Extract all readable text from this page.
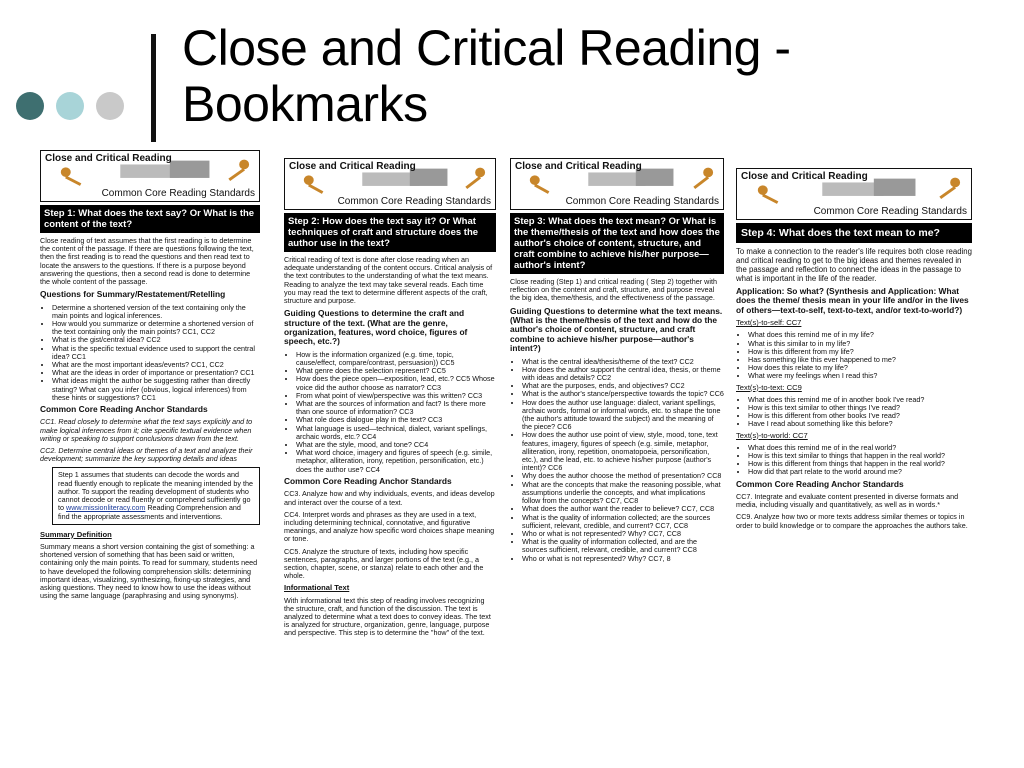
Close and Critical Reading - Bookmarks
Close and Critical Reading
Common Core Reading Standards
Step 1: What does the text say? Or What is the content of the text?

Close reading of text assumes that the first reading is to determine the content of the passage. If there are questions following the text, then the first reading is to read the questions and then read text to locate the answers to the questions. If there is a purpose beyond answering the questions, then a second read is done to determine the whole content of the passage.

Questions for Summary/Restatement/Retelling

• Determine a shortened version of the text containing only the main points and logical inferences.
• How would you summarize or determine a shortened version of the text containing only the main points? CC1, CC2
• What is the gist/central idea? CC2
• What is the specific textual evidence used to support the central idea? CC1
• What are the most important ideas/events? CC1, CC2
• What are the ideas in order of importance or presentation? CC1
• What ideas might the author be suggesting rather than directly stating? What can you infer (obvious, logical inferences) from these hints or suggestions? CC1

Common Core Reading Anchor Standards

CC1. Read closely to determine what the text says explicitly and to make logical inferences from it; cite specific textual evidence when writing or speaking to support conclusions drawn from the text.

CC2. Determine central ideas or themes of a text and analyze their development; summarize the key supporting details and ideas

Step 1 assumes that students can decode the words and read fluently enough to replicate the meaning intended by the author. To support the reading development of students who cannot decode or read fluently or comprehend sufficiently go to www.missionliteracy.com Reading Comprehension and find the appropriate assessments and interventions.

Summary Definition

Summary means a short version containing the gist of something: a shortened version of something that has been said or written, containing only the main points. To read for summary, students need to have developed the following comprehension skills: determining important ideas, visualizing, synthesizing, fixing-up strategies, and asking questions. They need to know how to use the ideas without using the same language (paraphrasing and using synonyms).

Close and Critical Reading
Common Core Reading Standards
Step 2: How does the text say it? Or What techniques of craft and structure does the author use in the text?

Critical reading of text is done after close reading when an adequate understanding of the content occurs. Critical analysis of the text contributes to the understanding of what the text means. Reading to analyze the text may take several reads. Each time you may read the text to determine different aspects of the craft, structure and purpose.

Guiding Questions to determine the craft and structure of the text. (What are the genre, organization, features, word choice, figures of speech, etc.?)

• How is the information organized (e.g. time, topic, cause/effect, compare/contrast, persuasion)) CC5
• What genre does the selection represent? CC5
• How does the piece open—exposition, lead, etc.? CC5 Whose voice did the author choose as narrator? CC3
• From what point of view/perspective was this written? CC3
• What are the sources of information and fact? Is there more than one source of information? CC3
• What role does dialogue play in the text? CC3
• What language is used—technical, dialect, variant spellings, archaic words, etc.? CC4
• What are the style, mood, and tone? CC4
• What word choice, imagery and figures of speech (e.g. simile, metaphor, alliteration, irony, repetition, personification, etc.) does the author use? CC4

Common Core Reading Anchor Standards

CC3. Analyze how and why individuals, events, and ideas develop and interact over the course of a text.

CC4. Interpret words and phrases as they are used in a text, including determining technical, connotative, and figurative meanings, and analyze how specific word choices shape meaning or tone.

CC5. Analyze the structure of texts, including how specific sentences, paragraphs, and larger portions of the text (e.g., a section, chapter, scene, or stanza) relate to each other and the whole.

Informational Text

With informational text this step of reading involves recognizing the structure, craft, and function of the discussion. The text is analyzed to determine what a text does to convey ideas. The text is analyzed for structure, organization, genre, language, purpose and perspective. This step is to determine the "how" of the text.

Close and Critical Reading
Common Core Reading Standards
Step 3: What does the text mean? Or What is the theme/thesis of the text and how does the author's choice of content, structure, and craft combine to achieve his/her purpose—author's intent?

Close reading (Step 1) and critical reading ( Step 2) together with reflection on the content and craft, structure, and purpose reveal the big idea, theme/thesis, and the effectiveness of the passage.

Guiding Questions to determine what the text means. (What is the theme/thesis of the text and how do the author's choice of content, structure, and craft combine to achieve his/her purpose—author's intent?)

• What is the central idea/thesis/theme of the text? CC2
• How does the author support the central idea, thesis, or theme with ideas and details? CC2
• What are the purposes, ends, and objectives? CC2
• What is the author's stance/perspective towards the topic? CC6
• How does the author use language: dialect, variant spellings, archaic words, formal or informal words, etc. to shape the tone (the author's attitude toward the subject) and the meaning of the piece? CC6
• How does the author use point of view, style, mood, tone, text features, imagery, figures of speech (e.g. simile, metaphor, alliteration, irony, repetition, onomatopoeia, personification, etc.), and the lead, etc. to achieve his/her purpose (author's intent)? CC6
• Why does the author choose the method of presentation? CC8
• What are the concepts that make the reasoning possible, what assumptions underlie the concepts, and what implications follow from the concepts? CC7, CC8
• What does the author want the reader to believe? CC7, CC8
• What is the quality of information collected; are the sources sufficient, relevant, credible, and current? CC7, CC8
• Who or what is not represented? Why? CC7, CC8
• What is the quality of information collected, and are the sources sufficient, relevant, credible, and current? CC8
• Who or what is not represented? Why? CC7, 8
Close and Critical Reading
Common Core Reading Standards
Step 4: What does the text mean to me?

To make a connection to the reader's life requires both close reading and critical reading to get to the big ideas and themes revealed in the passage and reflection to connect the ideas in the passage to what is important in the life of the reader.

Application: So what? (Synthesis and Application: What does the theme/ thesis mean in your life and/or in the lives of others—text-to-self, text-to-text, and/or text-to-world?)

Text(s)-to-self: CC7

• What does this remind me of in my life?
• What is this similar to in my life?
• How is this different from my life?
• Has something like this ever happened to me?
• How does this relate to my life?
• What were my feelings when I read this?

Text(s)-to-text: CC9

• What does this remind me of in another book I've read?
• How is this text similar to other things I've read?
• How is this different from other books I've read?
• Have I read about something like this before?

Text(s)-to-world: CC7

• What does this remind me of in the real world?
• How is this text similar to things that happen in the real world?
• How is this different from things that happen in the real world?
• How did that part relate to the world around me?

Common Core Reading Anchor Standards

CC7. Integrate and evaluate content presented in diverse formats and media, including visually and quantitatively, as well as in words.*

CC9. Analyze how two or more texts address similar themes or topics in order to build knowledge or to compare the approaches the authors take.
